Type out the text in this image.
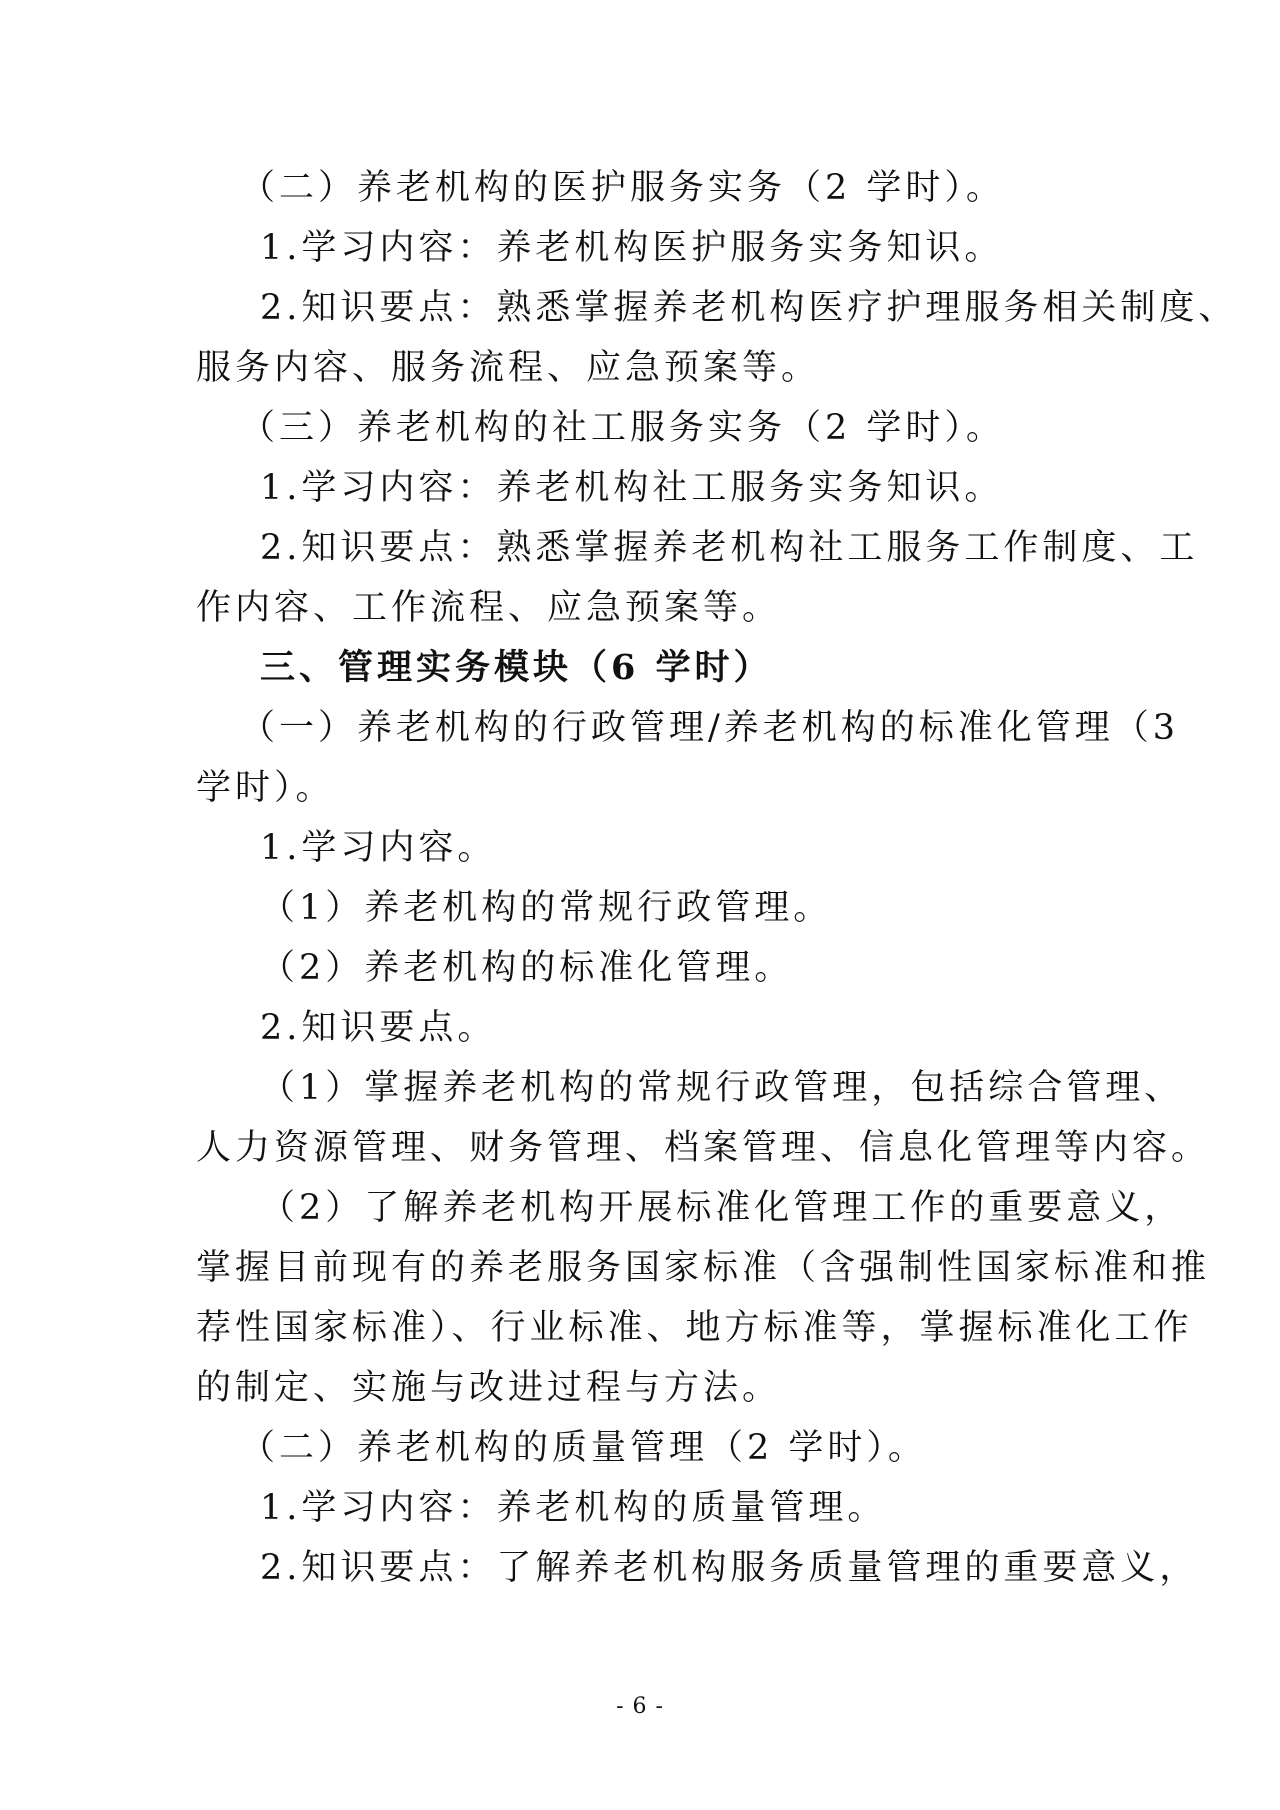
（二）养老机构的医护服务实务（2 学时）。
1.学习内容：养老机构医护服务实务知识。
2.知识要点：熟悉掌握养老机构医疗护理服务相关制度、
服务内容、服务流程、应急预案等。
（三）养老机构的社工服务实务（2 学时）。
1.学习内容：养老机构社工服务实务知识。
2.知识要点：熟悉掌握养老机构社工服务工作制度、工
作内容、工作流程、应急预案等。
三、管理实务模块（6 学时）
（一）养老机构的行政管理/养老机构的标准化管理（3
学时）。
1.学习内容。
（1）养老机构的常规行政管理。
（2）养老机构的标准化管理。
2.知识要点。
（1）掌握养老机构的常规行政管理，包括综合管理、
人力资源管理、财务管理、档案管理、信息化管理等内容。
（2）了解养老机构开展标准化管理工作的重要意义，
掌握目前现有的养老服务国家标准（含强制性国家标准和推
荐性国家标准）、行业标准、地方标准等，掌握标准化工作
的制定、实施与改进过程与方法。
（二）养老机构的质量管理（2 学时）。
1.学习内容：养老机构的质量管理。
2.知识要点：了解养老机构服务质量管理的重要意义，
- 6 -
